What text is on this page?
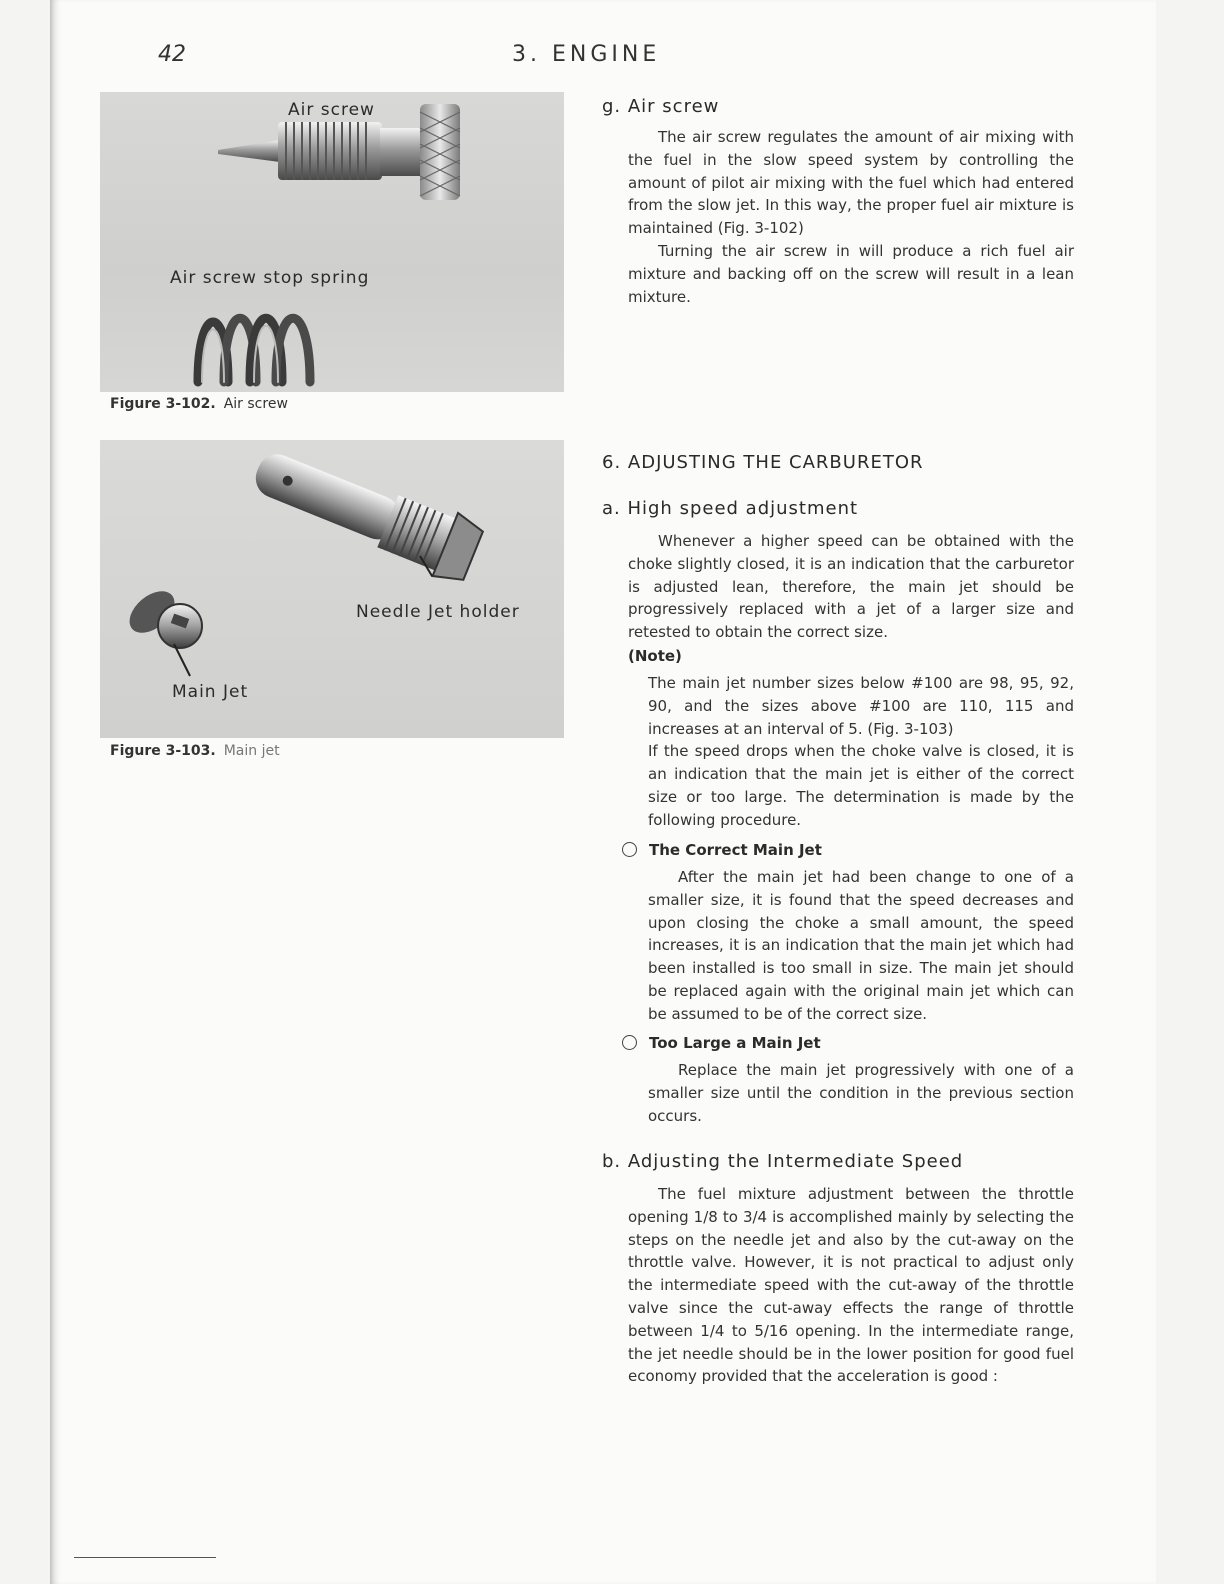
42	3. ENGINE
Air screw
Air screw stop spring
Figure 3-102. Air screw
Needle Jet holder
Main Jet
Figure 3-103. Main jet
g. Air screw

The air screw regulates the amount of air mixing with the fuel in the slow speed system by controlling the amount of pilot air mixing with the fuel which had entered from the slow jet. In this way, the proper fuel air mixture is maintained (Fig. 3-102)

Turning the air screw in will produce a rich fuel air mixture and backing off on the screw will result in a lean mixture.

6. ADJUSTING THE CARBURETOR
a. High speed adjustment

Whenever a higher speed can be obtained with the choke slightly closed, it is an indication that the carburetor is adjusted lean, therefore, the main jet should be progressively replaced with a jet of a larger size and retested to obtain the correct size.

(Note)

The main jet number sizes below #100 are 98, 95, 92, 90, and the sizes above #100 are 110, 115 and increases at an interval of 5. (Fig. 3-103)

If the speed drops when the choke valve is closed, it is an indication that the main jet is either of the correct size or too large. The determination is made by the following procedure.

The Correct Main Jet

After the main jet had been change to one of a smaller size, it is found that the speed decreases and upon closing the choke a small amount, the speed increases, it is an indication that the main jet which had been installed is too small in size. The main jet should be replaced again with the original main jet which can be assumed to be of the correct size.

Too Large a Main Jet

Replace the main jet progressively with one of a smaller size until the condition in the previous section occurs.

b. Adjusting the Intermediate Speed

The fuel mixture adjustment between the throttle opening 1/8 to 3/4 is accomplished mainly by selecting the steps on the needle jet and also by the cut-away on the throttle valve. However, it is not practical to adjust only the intermediate speed with the cut-away of the throttle valve since the cut-away effects the range of throttle between 1/4 to 5/16 opening. In the intermediate range, the jet needle should be in the lower position for good fuel economy provided that the acceleration is good :
